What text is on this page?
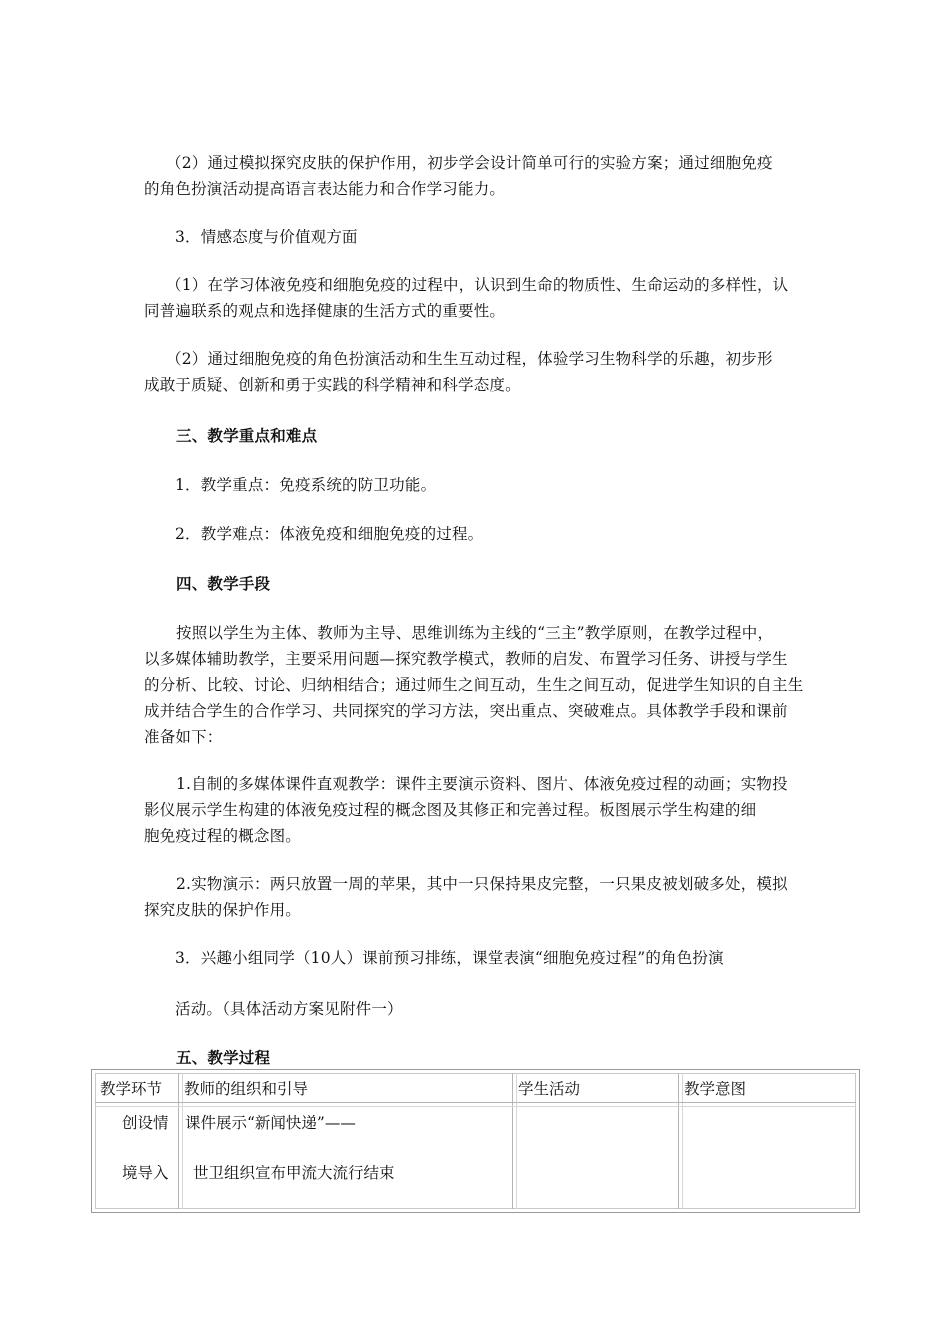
（2）通过模拟探究皮肤的保护作用，初步学会设计简单可行的实验方案；通过细胞免疫
的角色扮演活动提高语言表达能力和合作学习能力。
3．情感态度与价值观方面
（1）在学习体液免疫和细胞免疫的过程中，认识到生命的物质性、生命运动的多样性，认
同普遍联系的观点和选择健康的生活方式的重要性。
（2）通过细胞免疫的角色扮演活动和生生互动过程，体验学习生物科学的乐趣，初步形
成敢于质疑、创新和勇于实践的科学精神和科学态度。
三、教学重点和难点
1．教学重点：免疫系统的防卫功能。
2．教学难点：体液免疫和细胞免疫的过程。
四、教学手段
按照以学生为主体、教师为主导、思维训练为主线的“三主”教学原则，在教学过程中，
以多媒体辅助教学，主要采用问题—探究教学模式，教师的启发、布置学习任务、讲授与学生
的分析、比较、讨论、归纳相结合；通过师生之间互动，生生之间互动，促进学生知识的自主生
成并结合学生的合作学习、共同探究的学习方法，突出重点、突破难点。具体教学手段和课前
准备如下：
1.自制的多媒体课件直观教学：课件主要演示资料、图片、体液免疫过程的动画；实物投
影仪展示学生构建的体液免疫过程的概念图及其修正和完善过程。板图展示学生构建的细
胞免疫过程的概念图。
2.实物演示：两只放置一周的苹果，其中一只保持果皮完整，一只果皮被划破多处，模拟
探究皮肤的保护作用。
3．兴趣小组同学（10人）课前预习排练，课堂表演“细胞免疫过程”的角色扮演
活动。（具体活动方案见附件一）
五、教学过程
教学环节 教师的组织和引导	学生活动	教学意图
创设情
境导入
课件展示“新闻快递”——
世卫组织宣布甲流大流行结束
